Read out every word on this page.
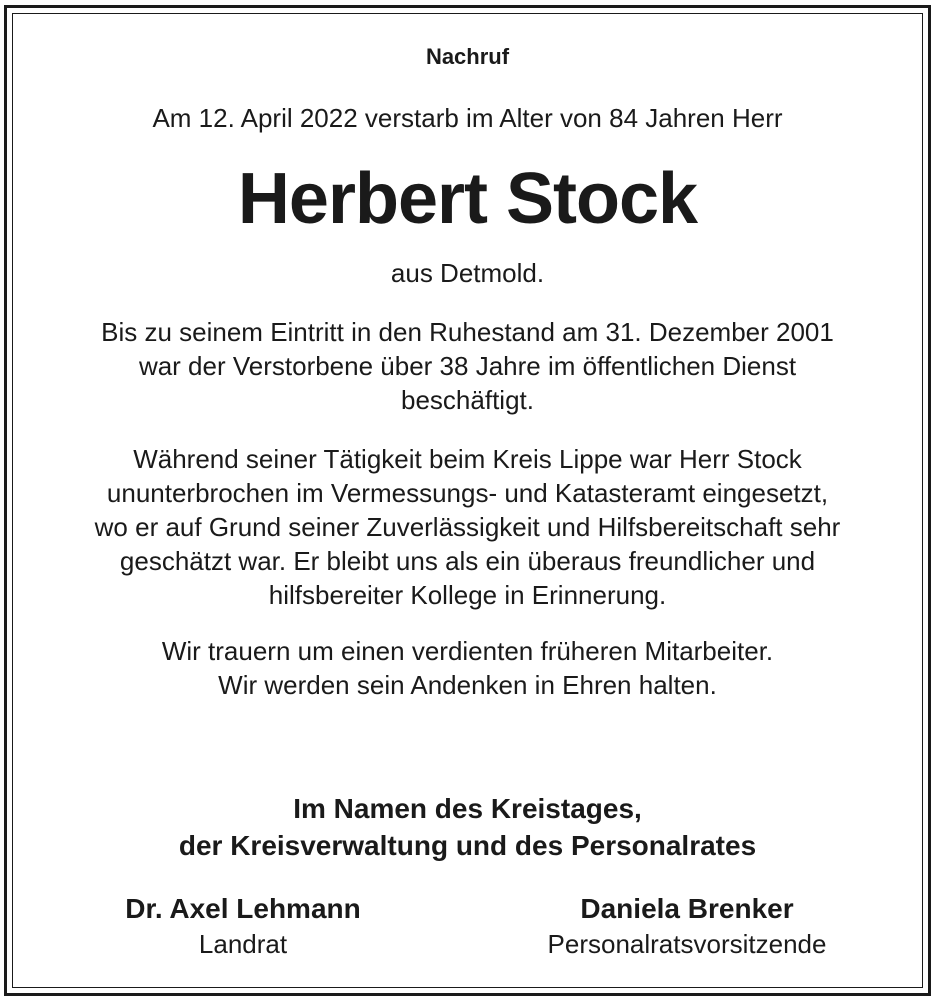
Nachruf

Am 12. April 2022 verstarb im Alter von 84 Jahren Herr

Herbert Stock

aus Detmold.

Bis zu seinem Eintritt in den Ruhestand am 31. Dezember 2001
war der Verstorbene über 38 Jahre im öffentlichen Dienst
beschäftigt.

Während seiner Tätigkeit beim Kreis Lippe war Herr Stock
ununterbrochen im Vermessungs- und Katasteramt eingesetzt,
wo er auf Grund seiner Zuverlässigkeit und Hilfsbereitschaft sehr
geschätzt war. Er bleibt uns als ein überaus freundlicher und
hilfsbereiter Kollege in Erinnerung.

Wir trauern um einen verdienten früheren Mitarbeiter.
Wir werden sein Andenken in Ehren halten.

Im Namen des Kreistages,
der Kreisverwaltung und des Personalrates

Dr. Axel Lehmann

Landrat

Daniela Brenker

Personalratsvorsitzende
